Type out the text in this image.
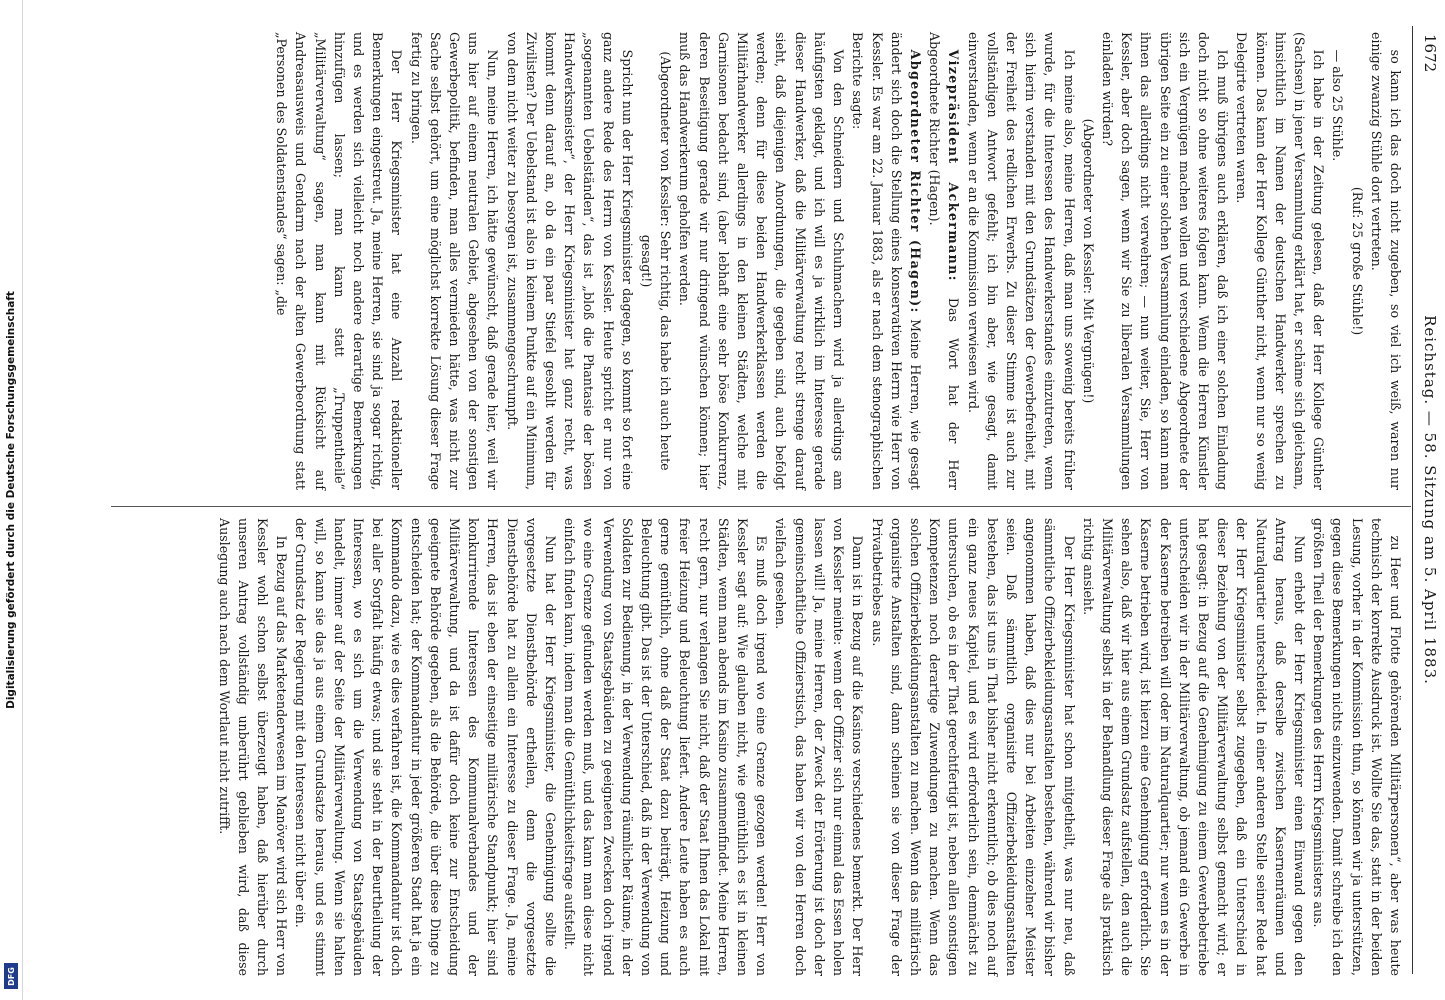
Digitalisierung gefördert durch die Deutsche Forschungsgemeinschaft
DFG
1672
Reichstag. — 58. Sitzung am 5. April 1883.

so kann ich das doch nicht zugeben, so viel ich weiß, waren nur einige zwanzig Stühle dort vertreten.

(Ruf: 25 große Stühle!)

— also 25 Stühle.

Ich habe in der Zeitung gelesen, daß der Herr Kollege Günther (Sachsen) in jener Versammlung erklärt hat, er schäme sich gleichsam, hinsichtlich im Namen der deutschen Handwerker sprechen zu können. Das kann der Herr Kollege Günther nicht, wenn nur so wenig Delegirte vertreten waren.

Ich muß übrigens auch erklären, daß ich einer solchen Einladung doch nicht so ohne weiteres folgen kann. Wenn die Herren Künstler sich ein Vergnügen machen wollen und verschiedene Abgeordnete der übrigen Seite ein zu einer solchen Versammlung einladen, so kann man ihnen das allerdings nicht verwehren; — nun weiter, Sie, Herr von Kessler, aber doch sagen, wenn wir Sie zu liberalen Versammlungen einladen würden?

(Abgeordneter von Kessler: Mit Vergnügen!)

Ich meine also, meine Herren, daß man uns sowenig bereits früher wurde, für die Interessen des Handwerkerstandes einzutreten, wenn sich hierin verstanden mit den Grundsätzen der Gewerbefreiheit, mit der Freiheit des redlichen Erwerbs. Zu dieser Stimme ist auch zur vollständigen Antwort gefehlt; ich bin aber, wie gesagt, damit einverstanden, wenn er an die Kommission verwiesen wird.

Vizepräsident Ackermann: Das Wort hat der Herr Abgeordnete Richter (Hagen).

Abgeordneter Richter (Hagen): Meine Herren, wie gesagt ändert sich doch die Stellung eines konservativen Herrn wie Herr von Kessler. Es war am 22. Januar 1883, als er nach dem stenographischen Berichte sagte:

Von den Schneidern und Schuhmachern wird ja allerdings am häufigsten geklagt, und ich will es ja wirklich im Interesse gerade dieser Handwerker, daß die Militärverwaltung recht strenge darauf sieht, daß diejenigen Anordnungen, die gegeben sind, auch befolgt werden; denn für diese beiden Handwerkerklassen werden die Militärhandwerker allerdings in den kleinen Städten, welche mit Garnisonen bedacht sind, (aber lebhaft eine sehr böse Konkurrenz, deren Beseitigung gerade wir nur dringend wünschen können; hier muß das Handwerkerum geholfen werden.

(Abgeordneter von Kessler: Sehr richtig, das habe ich auch heute gesagt!)

Spricht nun der Herr Kriegsminister dagegen, so kommt so fort eine ganz andere Rede des Herrn von Kessler. Heute spricht er nur von „sogenannten Uebelständen“, das ist „bloß die Phantasie der bösen Handwerksmeister“, der Herr Kriegsminister hat ganz recht, was kommt denn darauf an, ob da ein paar Stiefel gesohlt werden für Zivilisten? Der Uebelstand ist also in keinem Punkte auf ein Minimum, von dem nicht weiter zu besorgen ist, zusammengeschrumpft.

Nun, meine Herren, ich hätte gewünscht, daß gerade hier, weil wir uns hier auf einem neutralen Gebiet, abgesehen von der sonstigen Gewerbepolitik, befinden, man alles vermieden hätte, was nicht zur Sache selbst gehört, um eine möglichst korrekte Lösung dieser Frage fertig zu bringen.

Der Herr Kriegsminister hat eine Anzahl redaktioneller Bemerkungen eingestreut. Ja, meine Herren, sie sind ja sogar richtig, und es werden sich vielleicht noch andere derartige Bemerkungen hinzufügen lassen; man kann statt „Truppentheile“ „Militärverwaltung“ sagen, man kann mit Rücksicht auf Andreasausweis und Gendarm nach der alten Gewerbeordnung statt „Personen des Soldatenstandes“ sagen: „die

zu Heer und Flotte gehörenden Militärpersonen“, aber was heute technisch der korrekte Ausdruck ist. Wollte Sie das, statt in der beiden Lesung, vorher in der Kommission thun, so können wir ja unterstützen, gegen diese Bemerkungen nichts einzuwenden. Damit schreibe ich den größten Theil der Bemerkungen des Herrn Kriegsministers aus.

Nun erhebt der Herr Kriegsminister einen Einwand gegen den Antrag heraus, daß derselbe zwischen Kasernenräumen und Naturalquartier unterscheidet. In einer anderen Stelle seiner Rede hat der Herr Kriegsminister selbst zugegeben, daß ein Unterschied in dieser Beziehung von der Militärverwaltung selbst gemacht wird; er hat gesagt: in Bezug auf die Genehmigung zu einem Gewerbebetriebe unterscheiden wir in der Militärverwaltung, ob jemand ein Gewerbe in der Kaserne betreiben will oder im Naturalquartier; nur wenn es in der Kaserne betrieben wird, ist hierzu eine Genehmigung erforderlich. Sie sehen also, daß wir hier aus einem Grundsatz aufstellen, den auch die Militärverwaltung selbst in der Behandlung dieser Frage als praktisch richtig ansieht.

Der Herr Kriegsminister hat schon mitgetheilt, was nur neu, daß sämmtliche Offizierbekleidungsanstalten bestehen, während wir bisher angenommen haben, daß dies nur bei Arbeiten einzelner Meister seien. Daß sämmtlich organisirte Offizierbekleidungsanstalten bestehen, das ist uns in That bisher nicht erkenntlich; ob dies noch auf ein ganz neues Kapitel, und es wird erforderlich sein, demnächst zu untersuchen, ob es in der That gerechtfertigt ist, neben allen sonstigen Kompetenzen noch derartige Zuwendungen zu machen. Wenn das solchen Offizierbekleidungsanstalten zu machen. Wenn das militärisch organisirte Anstalten sind, dann scheinen sie von dieser Frage der Privatbetriebes aus.

Dann ist in Bezug auf die Kasinos verschiedenes bemerkt. Der Herr von Kessler meinte: wenn der Offizier sich nur einmal das Essen holen lassen will! Ja, meine Herren, der Zweck der Erörterung ist doch der gemeinschaftliche Offizierstisch, das haben wir von den Herren doch vielfach gesehen.

Es muß doch irgend wo eine Grenze gezogen werden! Herr von Kessler sagt auf: Wie glauben nicht, wie gemüthlich es ist in kleinen Städten, wenn man abends im Kasino zusammenfindet. Meine Herren, recht gern, nur verlangen Sie nicht, daß der Staat Ihnen das Lokal mit freier Heizung und Beleuchtung liefert. Andere Leute haben es auch gerne gemüthlich, ohne daß der Staat dazu beiträgt, Heizung und Beleuchtung gibt. Das ist der Unterschied, daß in der Verwendung von Soldaten zur Bedienung, in der Verwendung räumlicher Räume, in der Verwendung von Staatsgebäuden zu geeigneten Zwecken doch irgend wo eine Grenze gefunden werden muß, und das kann man diese nicht einfach finden kann, indem man die Gemüthlichkeitsfrage aufstellt.

Nun hat der Herr Kriegsminister, die Genehmigung sollte die vorgesetzte Dienstbehörde ertheilen, denn die vorgesetzte Dienstbehörde hat zu allein ein Interesse zu dieser Frage. Ja, meine Herren, das ist eben der einseitige militärische Standpunkt; hier sind konkurrirende Interessen des Kommunalverbandes und der Militärverwaltung, und da ist dafür doch keine zur Entscheidung geeignete Behörde gegeben, als die Behörde, die über diese Dinge zu entscheiden hat; der Kommandantur in jeder größeren Stadt hat ja ein Kommando dazu, wie es dies verfahren ist, die Kommandantur ist doch bei aller Sorgfalt häufig etwas; und sie steht in der Beurtheilung der Interessen, wo es sich um die Verwendung von Staatsgebäuden handelt, immer auf der Seite der Militärverwaltung. Wenn sie halten will, so kann sie das ja aus einem Grundsatze heraus, und es stimmt der Grundsatz der Regierung mit den Interessen nicht über ein.

In Bezug auf das Marketenderwesen im Manöver wird sich Herr von Kessler wohl schon selbst überzeugt haben, daß hierüber durch unseren Antrag vollständig unberührt geblieben wird, daß diese Auslegung auch nach dem Wortlaut nicht zutrifft.
